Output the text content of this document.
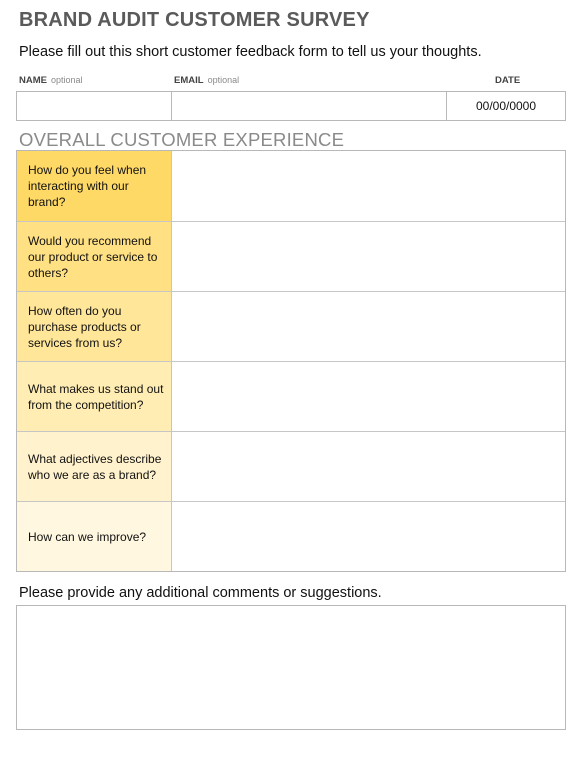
BRAND AUDIT CUSTOMER SURVEY
Please fill out this short customer feedback form to tell us your thoughts.
NAME optional	EMAIL optional	DATE
00/00/0000
OVERALL CUSTOMER EXPERIENCE
How do you feel when interacting with our brand?
Would you recommend our product or service to others?
How often do you purchase products or services from us?
What makes us stand out from the competition?
What adjectives describe who we are as a brand?
How can we improve?
Please provide any additional comments or suggestions.
